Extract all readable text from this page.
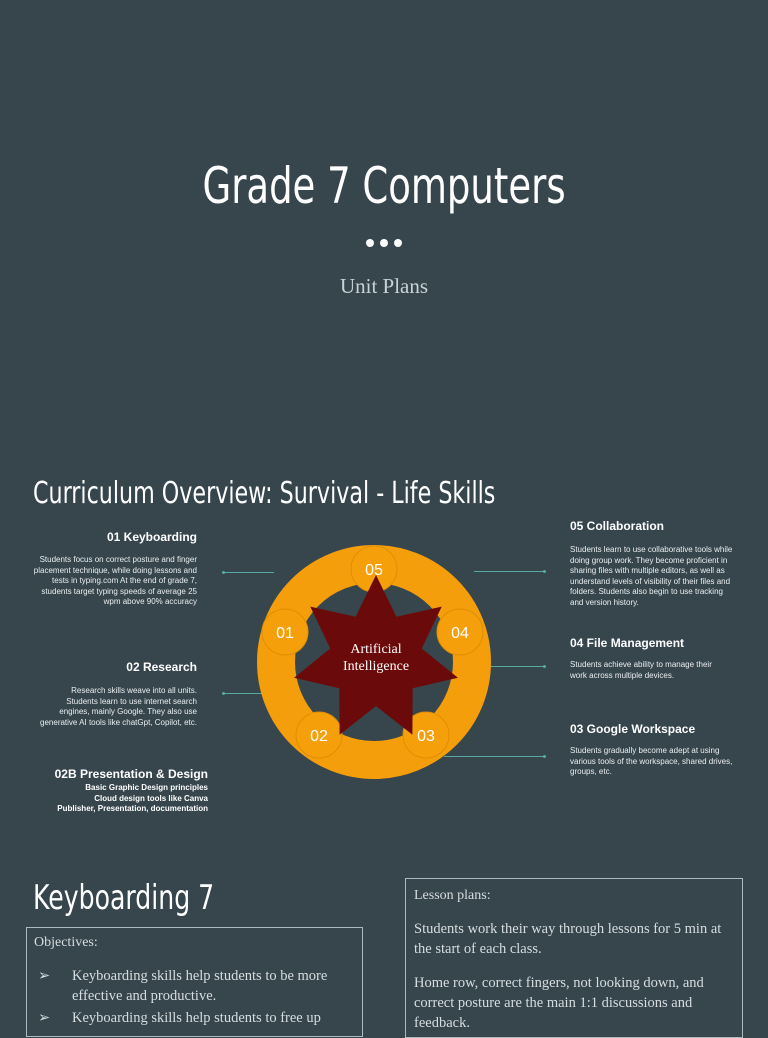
Grade 7 Computers
Unit Plans
Curriculum Overview: Survival - Life Skills
01 Keyboarding
Students focus on correct posture and finger placement technique, while doing lessons and tests in typing.com At the end of grade 7, students target typing speeds of average 25 wpm above 90% accuracy
02 Research
Research skills weave into all units. Students learn to use internet search engines, mainly Google. They also use generative AI tools like chatGpt, Copilot, etc.
02B Presentation & Design
Basic Graphic Design principles
Cloud design tools like Canva
Publisher, Presentation, documentation
05 Collaboration
Students learn to use collaborative tools while doing group work. They become proficient in sharing files with multiple editors, as well as understand levels of visibility of their files and folders. Students also begin to use tracking and version history.
04 File Management
Students achieve ability to manage their work across multiple devices.
03 Google Workspace
Students gradually become adept at using various tools of the workspace, shared drives, groups, etc.
05
04
03
02
01
Artificial
Intelligence
Keyboarding 7
Objectives:
➢ Keyboarding skills help students to be more effective and productive.
➢ Keyboarding skills help students to free up
Lesson plans:
Students work their way through lessons for 5 min at the start of each class.
Home row, correct fingers, not looking down, and correct posture are the main 1:1 discussions and feedback.
